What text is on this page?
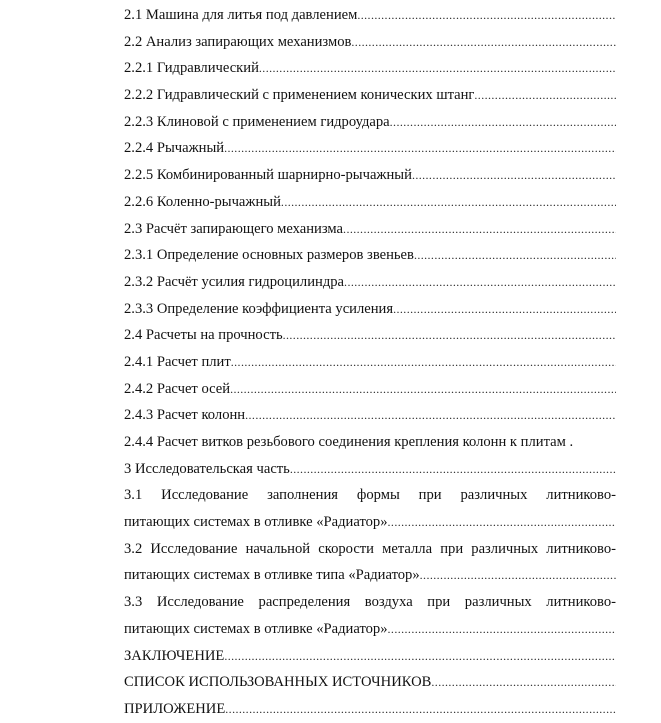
2.1 Машина для литья под давлением
.....
2.2 Анализ запирающих механизмов
.....
2.2.1 Гидравлический
.....
2.2.2 Гидравлический с применением конических штанг
.....
2.2.3 Клиновой с применением гидроудара
.....
2.2.4 Рычажный
.....
2.2.5 Комбинированный шарнирно-рычажный
.....
2.2.6 Коленно-рычажный
.....
2.3 Расчёт запирающего механизма
.....
2.3.1 Определение основных размеров звеньев
.....
2.3.2 Расчёт усилия гидроцилиндра
.....
2.3.3 Определение коэффициента усиления
.....
2.4 Расчеты на прочность
.....
2.4.1 Расчет плит
.....
2.4.2 Расчет осей
.....
2.4.3 Расчет колонн
.....
2.4.4 Расчет витков резьбового соединения крепления колонн к плитам .
3 Исследовательская часть
.....
3.1 Исследование заполнения формы при различных литниково-
питающих системах в отливке «Радиатор»
.....
3.2 Исследование начальной скорости металла при различных литниково-
питающих системах в отливке типа «Радиатор»
.....
3.3 Исследование распределения воздуха при различных литниково-
питающих системах в отливке «Радиатор»
.....
ЗАКЛЮЧЕНИЕ
.....
СПИСОК ИСПОЛЬЗОВАННЫХ ИСТОЧНИКОВ
.....
ПРИЛОЖЕНИЕ
.....
